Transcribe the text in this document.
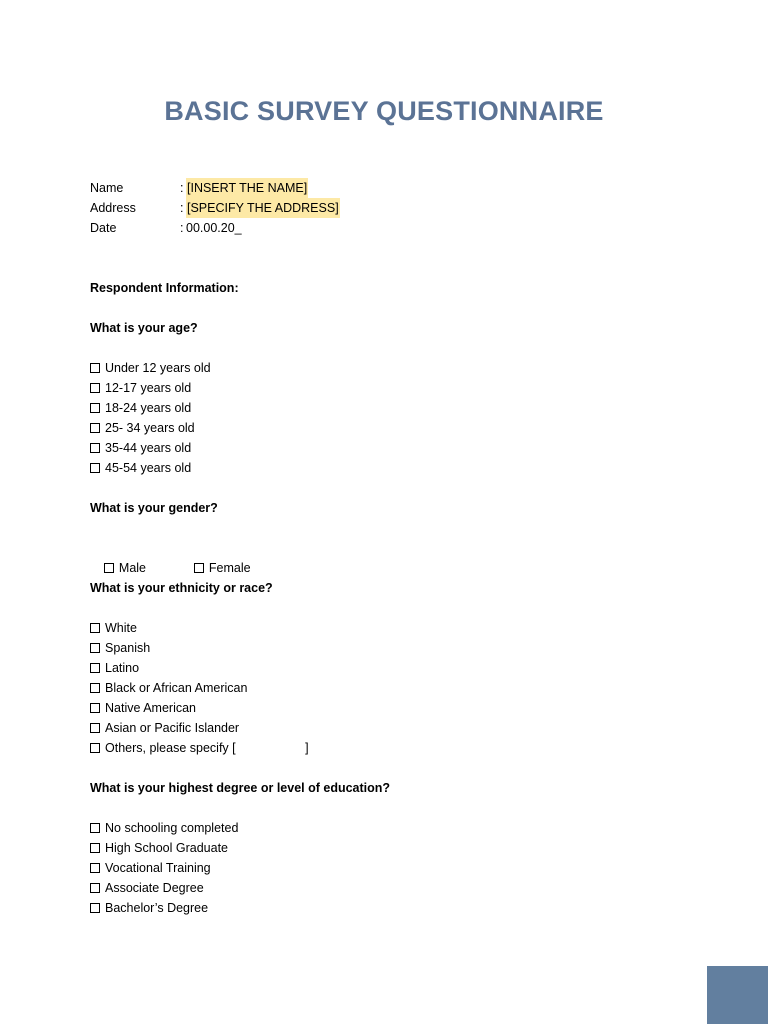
BASIC SURVEY QUESTIONNAIRE
Name	: [INSERT THE NAME]
Address	: [SPECIFY THE ADDRESS]
Date	: 00.00.20_
Respondent Information:
What is your age?

Under 12 years old
12-17 years old
18-24 years old
25- 34 years old
35-44 years old
45-54 years old
What is your gender?

Male	Female

What is your ethnicity or race?

White
Spanish
Latino
Black or African American
Native American
Asian or Pacific Islander
Others, please specify [                    ]
What is your highest degree or level of education?

No schooling completed
High School Graduate
Vocational Training
Associate Degree
Bachelor’s Degree
